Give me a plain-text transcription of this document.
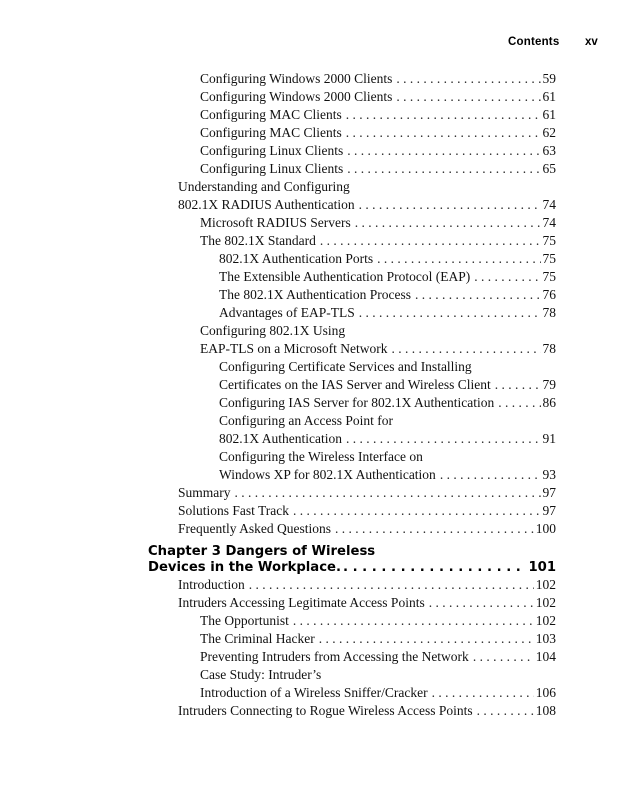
Contents xv
Configuring Windows 2000 Clients . . .	59
Configuring Windows 2000 Clients . . .	61
Configuring MAC Clients . . .	61
Configuring MAC Clients . . .	62
Configuring Linux Clients . . .	63
Configuring Linux Clients . . .	65
Understanding and Configuring
802.1X RADIUS Authentication . . .	74
Microsoft RADIUS Servers . . .	74
The 802.1X Standard . . .	75
802.1X Authentication Ports . . .	75
The Extensible Authentication Protocol (EAP) . . .	75
The 802.1X Authentication Process . . .	76
Advantages of EAP-TLS . . .	78
Configuring 802.1X Using
EAP-TLS on a Microsoft Network . . .	78
Configuring Certificate Services and Installing
Certificates on the IAS Server and Wireless Client . . .	79
Configuring IAS Server for 802.1X Authentication . . .	86
Configuring an Access Point for
802.1X Authentication . . .	91
Configuring the Wireless Interface on
Windows XP for 802.1X Authentication . . .	93
Summary . . .	97
Solutions Fast Track . . .	97
Frequently Asked Questions . . .	100
Chapter 3 Dangers of Wireless
Devices in the Workplace. . . .	101
Introduction . . .	102
Intruders Accessing Legitimate Access Points . . .	102
The Opportunist . . .	102
The Criminal Hacker . . .	103
Preventing Intruders from Accessing the Network . . .	104
Case Study: Intruder’s
Introduction of a Wireless Sniffer/Cracker . . .	106
Intruders Connecting to Rogue Wireless Access Points . . .	108
